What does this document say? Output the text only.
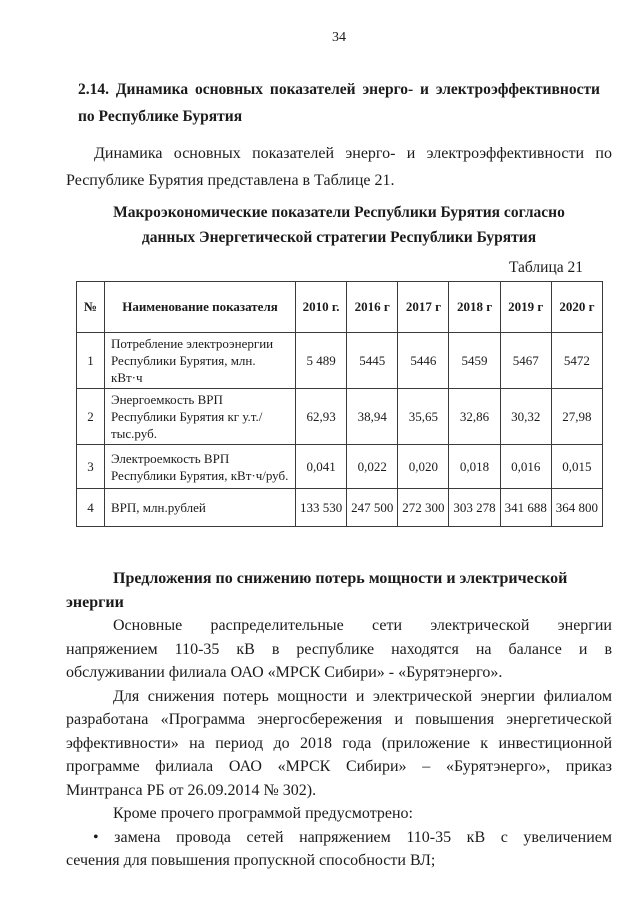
34
2.14. Динамика основных показателей энерго- и электроэффективности
по Республике Бурятия
Динамика основных показателей энерго- и электроэффективности по
Республике Бурятия представлена в Таблице 21.
Макроэкономические показатели Республики Бурятия согласно
данных Энергетической стратегии Республики Бурятия
Таблица 21
№	Наименование показателя	2010 г.	2016 г	2017 г	2018 г	2019 г	2020 г
1	Потребление электроэнергии Республики Бурятия, млн. кВт·ч	5 489	5445	5446	5459	5467	5472
2	Энергоемкость ВРП Республики Бурятия кг у.т./тыс.руб.	62,93	38,94	35,65	32,86	30,32	27,98
3	Электроемкость ВРП Республики Бурятия, кВт·ч/руб.	0,041	0,022	0,020	0,018	0,016	0,015
4	ВРП, млн.рублей	133 530	247 500	272 300	303 278	341 688	364 800
Предложения по снижению потерь мощности и электрической
энергии
Основные распределительные сети электрической энергии
напряжением 110-35 кВ в республике находятся на балансе и в
обслуживании филиала ОАО «МРСК Сибири» - «Бурятэнерго».
Для снижения потерь мощности и электрической энергии филиалом
разработана «Программа энергосбережения и повышения энергетической
эффективности» на период до 2018 года (приложение к инвестиционной
программе филиала ОАО «МРСК Сибири» – «Бурятэнерго», приказ
Минтранса РБ от 26.09.2014 № 302).
Кроме прочего программой предусмотрено:
• замена провода сетей напряжением 110-35 кВ с увеличением
сечения для повышения пропускной способности ВЛ;
